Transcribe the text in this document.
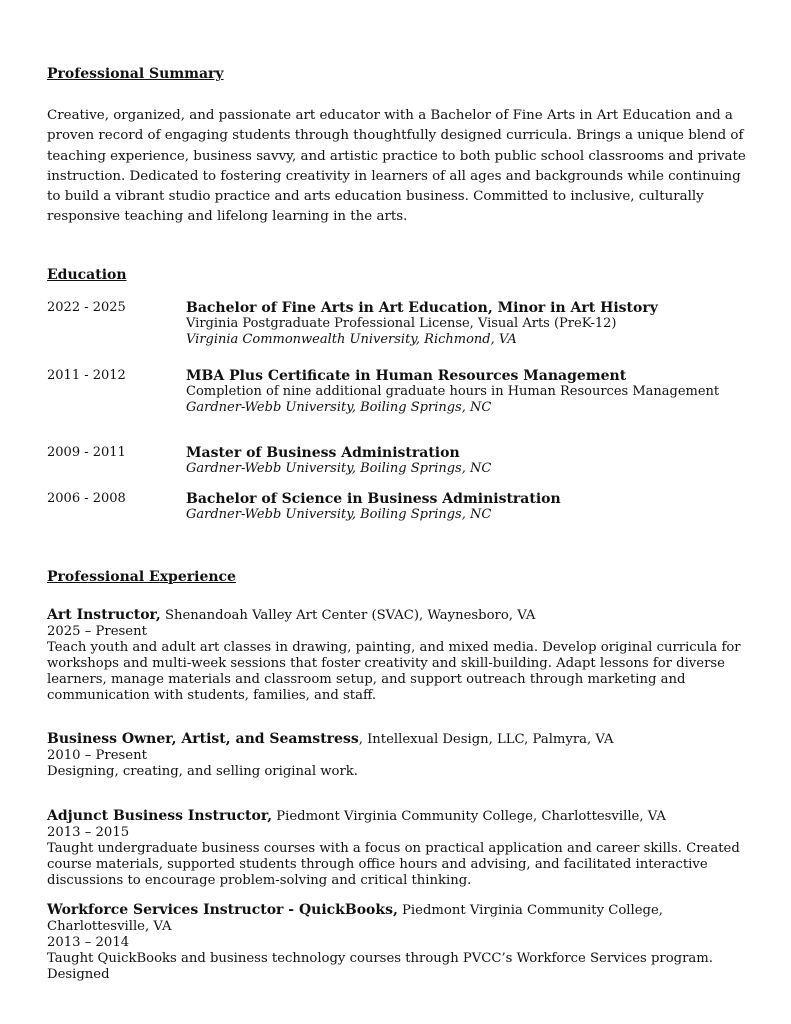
Professional Summary
Creative, organized, and passionate art educator with a Bachelor of Fine Arts in Art Education and a proven record of engaging students through thoughtfully designed curricula. Brings a unique blend of teaching experience, business savvy, and artistic practice to both public school classrooms and private instruction. Dedicated to fostering creativity in learners of all ages and backgrounds while continuing to build a vibrant studio practice and arts education business. Committed to inclusive, culturally responsive teaching and lifelong learning in the arts.
Education
2022 - 2025	Bachelor of Fine Arts in Art Education, Minor in Art History
Virginia Postgraduate Professional License, Visual Arts (PreK-12)
Virginia Commonwealth University, Richmond, VA
2011 - 2012	MBA Plus Certificate in Human Resources Management
Completion of nine additional graduate hours in Human Resources Management
Gardner-Webb University, Boiling Springs, NC
2009 - 2011	Master of Business Administration
Gardner-Webb University, Boiling Springs, NC
2006 - 2008	Bachelor of Science in Business Administration
Gardner-Webb University, Boiling Springs, NC
Professional Experience
Art Instructor, Shenandoah Valley Art Center (SVAC), Waynesboro, VA
2025 – Present
Teach youth and adult art classes in drawing, painting, and mixed media. Develop original curricula for workshops and multi-week sessions that foster creativity and skill-building. Adapt lessons for diverse learners, manage materials and classroom setup, and support outreach through marketing and communication with students, families, and staff.
Business Owner, Artist, and Seamstress, Intellexual Design, LLC, Palmyra, VA
2010 – Present
Designing, creating, and selling original work.
Adjunct Business Instructor, Piedmont Virginia Community College, Charlottesville, VA
2013 – 2015
Taught undergraduate business courses with a focus on practical application and career skills. Created course materials, supported students through office hours and advising, and facilitated interactive discussions to encourage problem-solving and critical thinking.
Workforce Services Instructor - QuickBooks, Piedmont Virginia Community College, Charlottesville, VA
2013 – 2014
Taught QuickBooks and business technology courses through PVCC’s Workforce Services program. Designed
